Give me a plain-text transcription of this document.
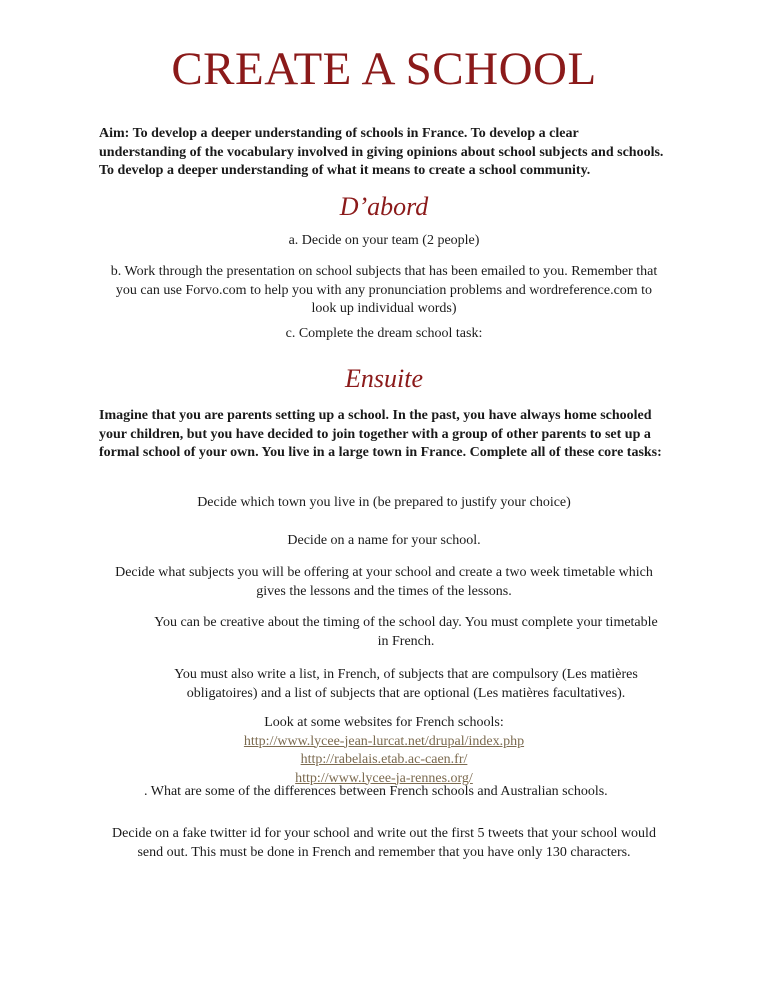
CREATE A SCHOOL
Aim: To develop a deeper understanding of schools in France. To develop a clear understanding of the vocabulary involved in giving opinions about school subjects and schools. To develop a deeper understanding of what it means to create a school community.
D’abord
a. Decide on your team (2 people)
b. Work through the presentation on school subjects that has been emailed to you. Remember that you can use Forvo.com to help you with any pronunciation problems and wordreference.com to look up individual words)
c. Complete the dream school task:
Ensuite
Imagine that you are parents setting up a school. In the past, you have always home schooled your children, but you have decided to join together with a group of other parents to set up a formal school of your own. You live in a large town in France. Complete all of these core tasks:
Decide which town you live in (be prepared to justify your choice)
Decide on a name for your school.
Decide what subjects you will be offering at your school and create a two week timetable which gives the lessons and the times of the lessons.
You can be creative about the timing of the school day. You must complete your timetable in French.
You must also write a list, in French, of subjects that are compulsory (Les matières obligatoires) and a list of subjects that are optional (Les matières facultatives).
Look at some websites for French schools:
http://www.lycee-jean-lurcat.net/drupal/index.php
http://rabelais.etab.ac-caen.fr/
http://www.lycee-ja-rennes.org/
. What are some of the differences between French schools and Australian schools.
Decide on a fake twitter id for your school and write out the first 5 tweets that your school would send out. This must be done in French and remember that you have only 130 characters.
